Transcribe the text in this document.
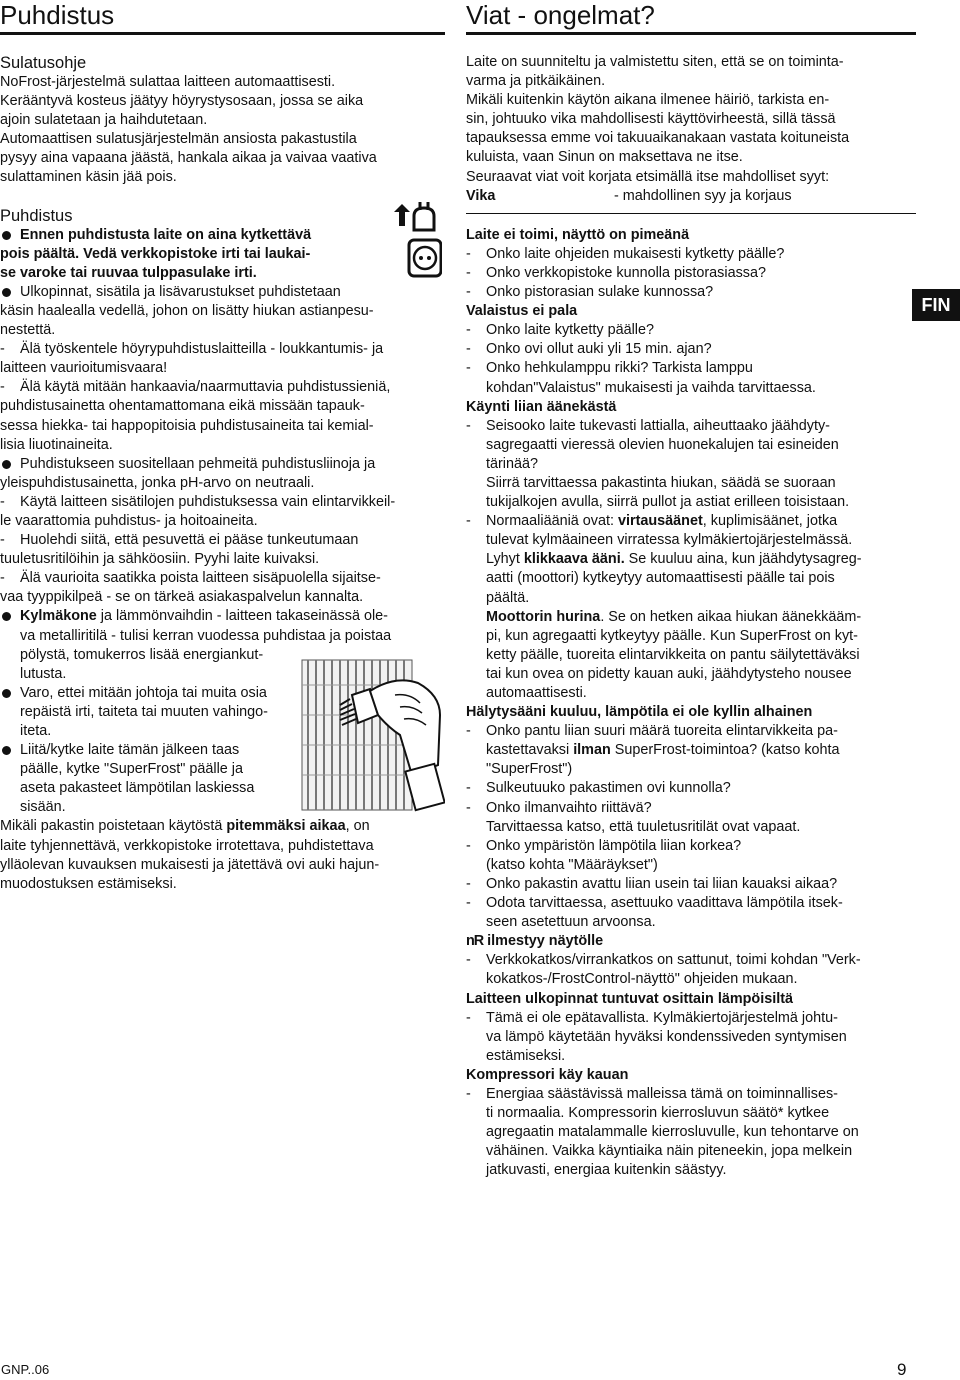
Puhdistus

Sulatusohje

NoFrost-järjestelmä sulattaa laitteen automaattisesti.

Kerääntyvä kosteus jäätyy höyrystysosaan, jossa se aika

ajoin sulatetaan ja haihdutetaan.

Automaattisen sulatusjärjestelmän ansiosta pakastustila

pysyy aina vapaana jäästä, hankala aikaa ja vaivaa vaativa

sulattaminen käsin jää pois.

Puhdistus

Ennen puhdistusta laite on aina kytkettävä

pois päältä. Vedä verkkopistoke irti tai laukai-

se varoke tai ruuvaa tulppasulake irti.

Ulkopinnat, sisätila ja lisävarustukset puhdistetaan

käsin haalealla vedellä, johon on lisätty hiukan astianpesu-

nestettä.

- Älä työskentele höyrypuhdistuslaitteilla - loukkantumis- ja

laitteen vaurioitumisvaara!

- Älä käytä mitään hankaavia/naarmuttavia puhdistussieniä,

puhdistusainetta ohentamattomana eikä missään tapauk-

sessa hiekka- tai happopitoisia puhdistusaineita tai kemial-

lisia liuotinaineita.

Puhdistukseen suositellaan pehmeitä puhdistusliinoja ja

yleispuhdistusainetta, jonka pH-arvo on neutraali.

- Käytä laitteen sisätilojen puhdistuksessa vain elintarvikkeil-

le vaarattomia puhdistus- ja hoitoaineita.

- Huolehdi siitä, että pesuvettä ei pääse tunkeutumaan

tuuletusritilöihin ja sähköosiin. Pyyhi laite kuivaksi.

- Älä vaurioita saatikka poista laitteen sisäpuolella sijaitse-

vaa tyyppikilpeä - se on tärkeä asiakaspalvelun kannalta.

Kylmäkone ja lämmönvaihdin - laitteen takaseinässä ole-

va metalliritilä - tulisi kerran vuodessa puhdistaa ja poistaa

pölystä, tomukerros lisää energiankut-

lutusta.

Varo, ettei mitään johtoja tai muita osia

repäistä irti, taiteta tai muuten vahingo-

iteta.

Liitä/kytke laite tämän jälkeen taas

päälle, kytke "SuperFrost" päälle ja

aseta pakasteet lämpötilan laskiessa

sisään.

Mikäli pakastin poistetaan käytöstä pitemmäksi aikaa, on

laite tyhjennettävä, verkkopistoke irrotettava, puhdistettava

ylläolevan kuvauksen mukaisesti ja jätettävä ovi auki hajun-

muodostuksen estämiseksi.

Viat - ongelmat?

Laite on suunniteltu ja valmistettu siten, että se on toiminta-

varma ja pitkäikäinen.

Mikäli kuitenkin käytön aikana ilmenee häiriö, tarkista en-

sin, johtuuko vika mahdollisesti käyttövirheestä, sillä tässä

tapauksessa emme voi takuuaikanakaan vastata koituneista

kuluista, vaan Sinun on maksettava ne itse.

Seuraavat viat voit korjata etsimällä itse mahdolliset syyt:

Vika	- mahdollinen syy ja korjaus

Laite ei toimi, näyttö on pimeänä

- Onko laite ohjeiden mukaisesti kytketty päälle?

- Onko verkkopistoke kunnolla pistorasiassa?

- Onko pistorasian sulake kunnossa?

Valaistus ei pala

- Onko laite kytketty päälle?

- Onko ovi ollut auki yli 15 min. ajan?

- Onko hehkulamppu rikki? Tarkista lamppu

kohdan"Valaistus" mukaisesti ja vaihda tarvittaessa.

Käynti liian äänekästä

- Seisooko laite tukevasti lattialla, aiheuttaako jäähdyty-

sagregaatti vieressä olevien huonekalujen tai esineiden

tärinää?

Siirrä tarvittaessa pakastinta hiukan, säädä se suoraan

tukijalkojen avulla, siirrä pullot ja astiat erilleen toisistaan.

- Normaaliääniä ovat: virtausäänet, kuplimisäänet, jotka

tulevat kylmäaineen virratessa kylmäkiertojärjestelmässä.

Lyhyt klikkaava ääni. Se kuuluu aina, kun jäähdytysagreg-

aatti (moottori) kytkeytyy automaattisesti päälle tai pois

päältä.

Moottorin hurina. Se on hetken aikaa hiukan äänekkääm-

pi, kun agregaatti kytkeytyy päälle. Kun SuperFrost on kyt-

ketty päälle, tuoreita elintarvikkeita on pantu säilytettäväksi

tai kun ovea on pidetty kauan auki, jäähdytysteho nousee

automaattisesti.

Hälytysääni kuuluu, lämpötila ei ole kyllin alhainen

- Onko pantu liian suuri määrä tuoreita elintarvikkeita pa-

kastettavaksi ilman SuperFrost-toimintoa? (katso kohta

"SuperFrost")

- Sulkeutuuko pakastimen ovi kunnolla?

- Onko ilmanvaihto riittävä?

Tarvittaessa katso, että tuuletusritilät ovat vapaat.

- Onko ympäristön lämpötila liian korkea?

(katso kohta "Määräykset")

- Onko pakastin avattu liian usein tai liian kauaksi aikaa?

- Odota tarvittaessa, asettuuko vaadittava lämpötila itsek-

seen asetettuun arvoonsa.

nR ilmestyy näytölle

- Verkkokatkos/virrankatkos on sattunut, toimi kohdan "Verk-

kokatkos-/FrostControl-näyttö" ohjeiden mukaan.

Laitteen ulkopinnat tuntuvat osittain lämpöisiltä

- Tämä ei ole epätavallista. Kylmäkiertojärjestelmä johtu-

va lämpö käytetään hyväksi kondenssiveden syntymisen

estämiseksi.

Kompressori käy kauan

- Energiaa säästävissä malleissa tämä on toiminnallises-

ti normaalia. Kompressorin kierrosluvun säätö* kytkee

agregaatin matalammalle kierrosluvulle, kun tehontarve on

vähäinen. Vaikka käyntiaika näin piteneekin, jopa melkein

jatkuvasti, energiaa kuitenkin säästyy.

FIN
GNP..06	9
